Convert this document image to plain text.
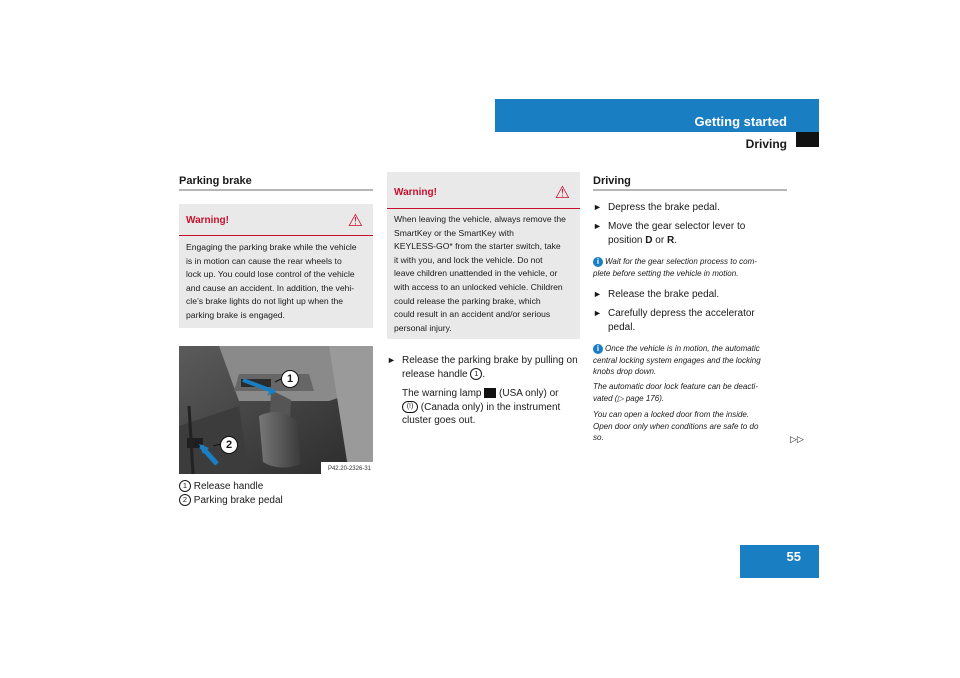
Getting started
Driving
Parking brake
Warning!	⚠
Engaging the parking brake while the vehicle
is in motion can cause the rear wheels to
lock up. You could lose control of the vehicle
and cause an accident. In addition, the vehi-
cle’s brake lights do not light up when the
parking brake is engaged.
1
2
P42.20-2326-31
1 Release handle
2 Parking brake pedal
Warning!	⚠
When leaving the vehicle, always remove the
SmartKey or the SmartKey with
KEYLESS-GO* from the starter switch, take
it with you, and lock the vehicle. Do not
leave children unattended in the vehicle, or
with access to an unlocked vehicle. Children
could release the parking brake, which
could result in an accident and/or serious
personal injury.
► Release the parking brake by pulling on
release handle 1 .
The warning lamp  (USA only) or
(!) (Canada only) in the instrument
cluster goes out.
Driving
► Depress the brake pedal.
► Move the gear selector lever to
position D or R.
i Wait for the gear selection process to com-
plete before setting the vehicle in motion.
► Release the brake pedal.
► Carefully depress the accelerator
pedal.
i Once the vehicle is in motion, the automatic
central locking system engages and the locking
knobs drop down.
The automatic door lock feature can be deacti-
vated (▷ page 176).
You can open a locked door from the inside.
Open door only when conditions are safe to do
so.	▷▷
55
